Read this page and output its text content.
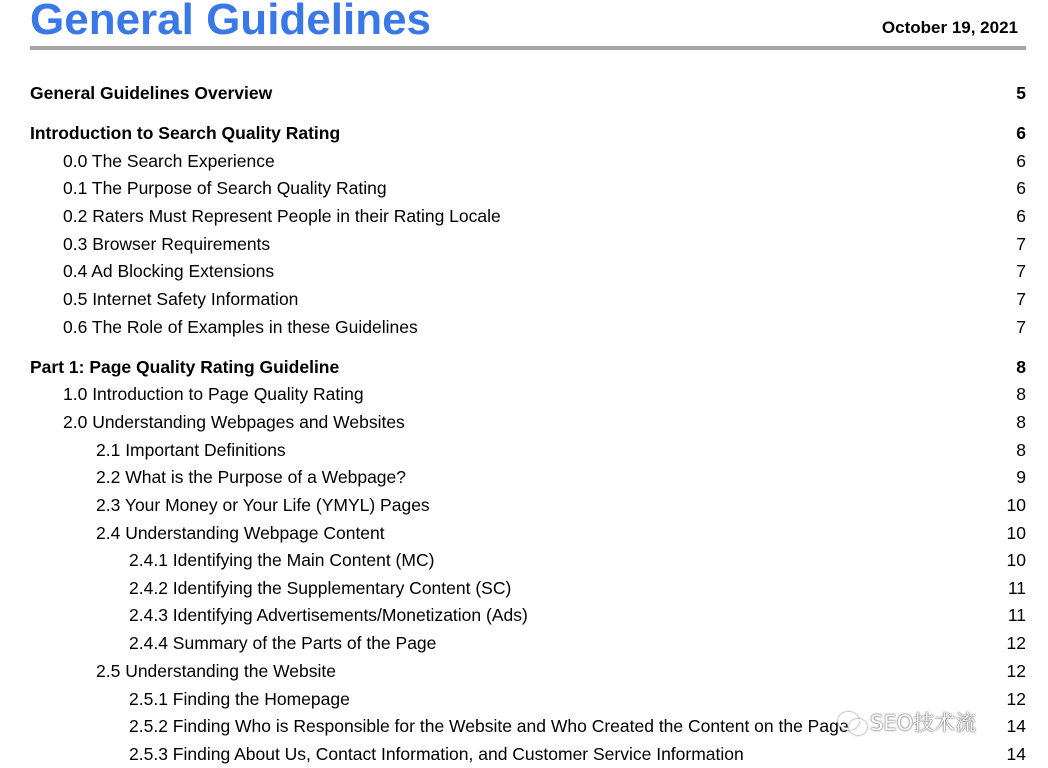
General Guidelines	October 19, 2021
General Guidelines Overview	5
Introduction to Search Quality Rating	6
0.0 The Search Experience	6
0.1 The Purpose of Search Quality Rating	6
0.2 Raters Must Represent People in their Rating Locale	6
0.3 Browser Requirements	7
0.4 Ad Blocking Extensions	7
0.5 Internet Safety Information	7
0.6 The Role of Examples in these Guidelines	7
Part 1: Page Quality Rating Guideline	8
1.0 Introduction to Page Quality Rating	8
2.0 Understanding Webpages and Websites	8
2.1 Important Definitions	8
2.2 What is the Purpose of a Webpage?	9
2.3 Your Money or Your Life (YMYL) Pages	10
2.4 Understanding Webpage Content	10
2.4.1 Identifying the Main Content (MC)	10
2.4.2 Identifying the Supplementary Content (SC)	11
2.4.3 Identifying Advertisements/Monetization (Ads)	11
2.4.4 Summary of the Parts of the Page	12
2.5 Understanding the Website	12
2.5.1 Finding the Homepage	12
2.5.2 Finding Who is Responsible for the Website and Who Created the Content on the Page	14
2.5.3 Finding About Us, Contact Information, and Customer Service Information	14
SEO技术流
